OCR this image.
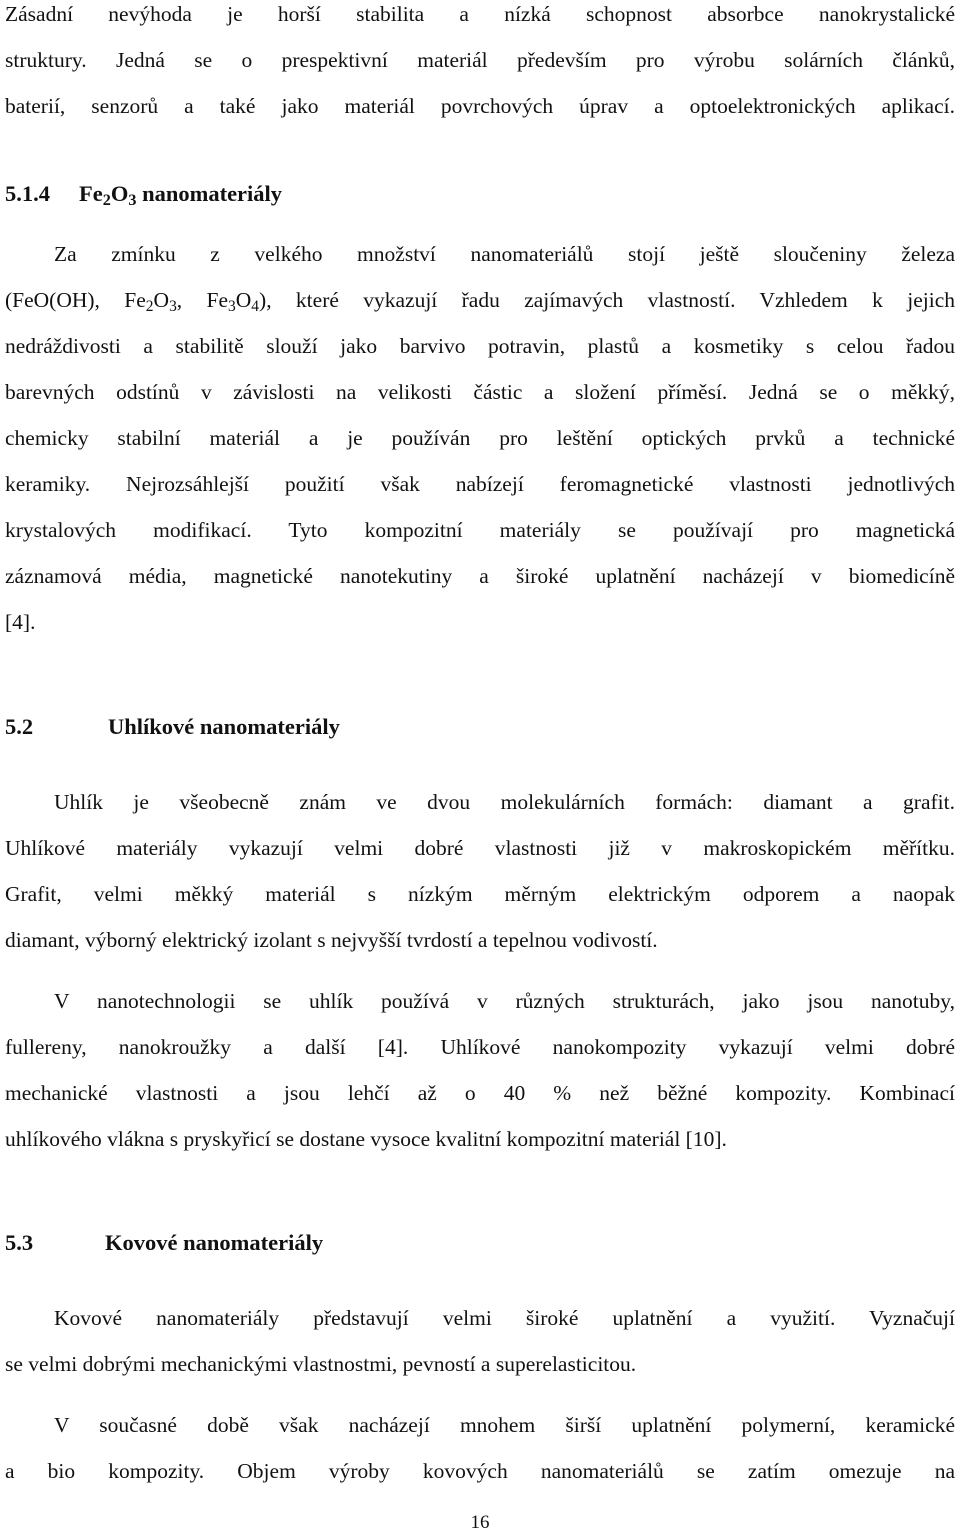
Zásadní nevýhoda je horší stabilita a nízká schopnost absorbce nanokrystalické
struktury. Jedná se o prespektivní materiál především pro výrobu solárních článků,
baterií, senzorů a také jako materiál povrchových úprav a optoelektronických aplikací.
5.1.4 $Fe_2O_3$ nanomateriály
Za zmínku z velkého množství nanomateriálů stojí ještě sloučeniny železa
(FeO(OH), $Fe_2O_3$, $Fe_3O_4$), které vykazují řadu zajímavých vlastností. Vzhledem k jejich
nedráždivosti a stabilitě slouží jako barvivo potravin, plastů a kosmetiky s celou řadou
barevných odstínů v závislosti na velikosti částic a složení příměsí. Jedná se o měkký,
chemicky stabilní materiál a je používán pro leštění optických prvků a technické
keramiky. Nejrozsáhlejší použití však nabízejí feromagnetické vlastnosti jednotlivých
krystalových modifikací. Tyto kompozitní materiály se používají pro magnetická
záznamová média, magnetické nanotekutiny a široké uplatnění nacházejí v biomedicíně
[4].
5.2	Uhlíkové nanomateriály
Uhlík je všeobecně znám ve dvou molekulárních formách: diamant a grafit.
Uhlíkové materiály vykazují velmi dobré vlastnosti již v makroskopickém měřítku.
Grafit, velmi měkký materiál s nízkým měrným elektrickým odporem a naopak
diamant, výborný elektrický izolant s nejvyšší tvrdostí a tepelnou vodivostí.
V nanotechnologii se uhlík používá v různých strukturách, jako jsou nanotuby,
fullereny, nanokroužky a další [4]. Uhlíkové nanokompozity vykazují velmi dobré
mechanické vlastnosti a jsou lehčí až o 40 % než běžné kompozity. Kombinací
uhlíkového vlákna s pryskyřicí se dostane vysoce kvalitní kompozitní materiál [10].
5.3	Kovové nanomateriály
Kovové nanomateriály představují velmi široké uplatnění a využití. Vyznačují
se velmi dobrými mechanickými vlastnostmi, pevností a superelasticitou.
V současné době však nacházejí mnohem širší uplatnění polymerní, keramické
a bio kompozity. Objem výroby kovových nanomateriálů se zatím omezuje na
16
